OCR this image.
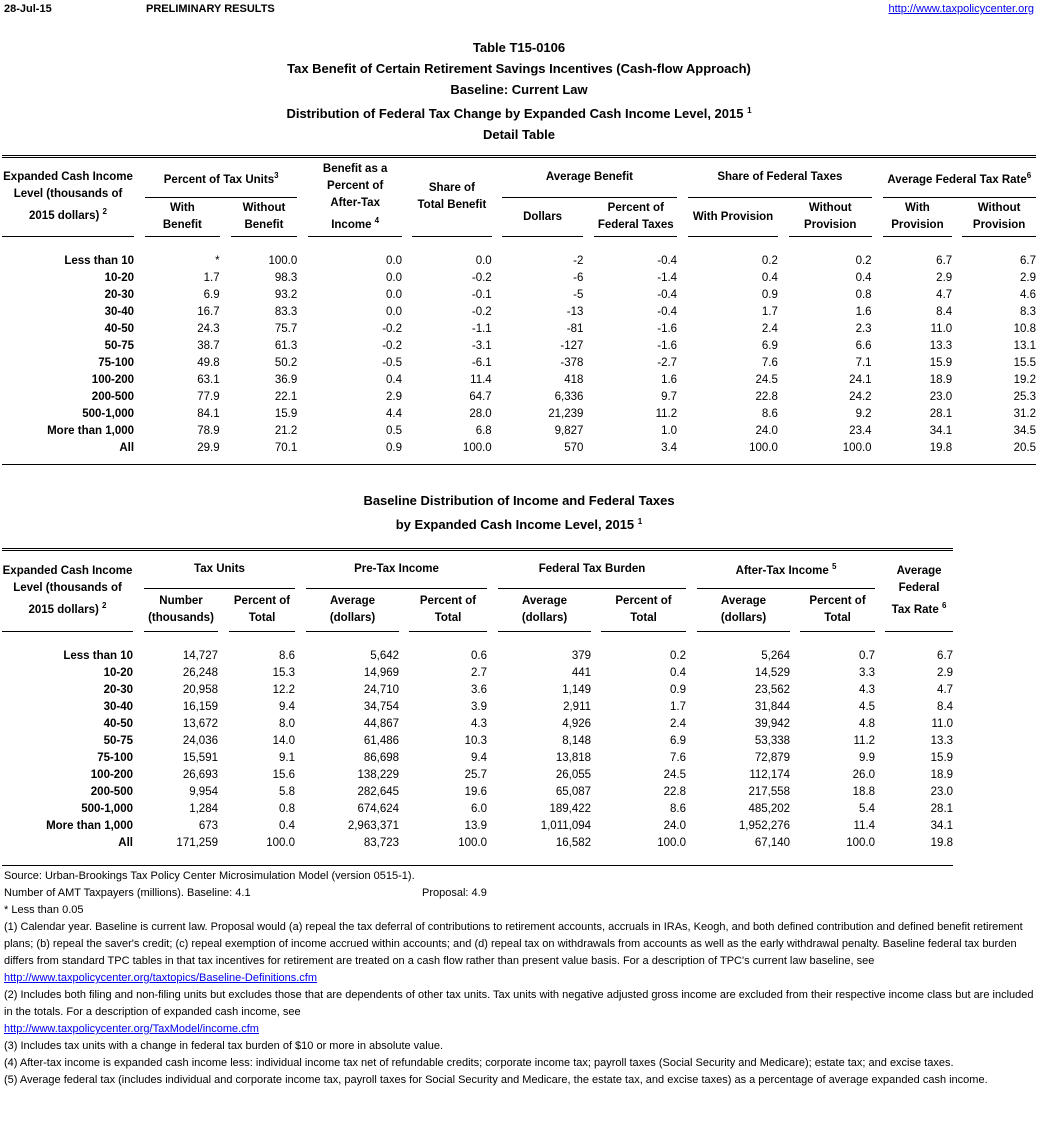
28-Jul-15	PRELIMINARY RESULTS	http://www.taxpolicycenter.org
Table T15-0106
Tax Benefit of Certain Retirement Savings Incentives (Cash-flow Approach)
Baseline: Current Law
Distribution of Federal Tax Change by Expanded Cash Income Level, 2015 $^1$
Detail Table
Expanded Cash Income Level (thousands of 2015 dollars) $^2$		Percent of Tax Units$^3$				Benefit as a Percent of After-Tax Income $^4$		Share of Total Benefit		Average Benefit				Share of Federal Taxes				Average Federal Tax Rate$^6$
		With Benefit		Without Benefit						Dollars		Percent of Federal Taxes		With Provision		Without Provision		With Provision		Without Provision

Less than 10		*		100.0		0.0		0.0		-2		-0.4		0.2		0.2		6.7		6.7
10-20		1.7		98.3		0.0		-0.2		-6		-1.4		0.4		0.4		2.9		2.9
20-30		6.9		93.2		0.0		-0.1		-5		-0.4		0.9		0.8		4.7		4.6
30-40		16.7		83.3		0.0		-0.2		-13		-0.4		1.7		1.6		8.4		8.3
40-50		24.3		75.7		-0.2		-1.1		-81		-1.6		2.4		2.3		11.0		10.8
50-75		38.7		61.3		-0.2		-3.1		-127		-1.6		6.9		6.6		13.3		13.1
75-100		49.8		50.2		-0.5		-6.1		-378		-2.7		7.6		7.1		15.9		15.5
100-200		63.1		36.9		0.4		11.4		418		1.6		24.5		24.1		18.9		19.2
200-500		77.9		22.1		2.9		64.7		6,336		9.7		22.8		24.2		23.0		25.3
500-1,000		84.1		15.9		4.4		28.0		21,239		11.2		8.6		9.2		28.1		31.2
More than 1,000		78.9		21.2		0.5		6.8		9,827		1.0		24.0		23.4		34.1		34.5
All		29.9		70.1		0.9		100.0		570		3.4		100.0		100.0		19.8		20.5
Baseline Distribution of Income and Federal Taxes
by Expanded Cash Income Level, 2015 $^1$
Expanded Cash Income Level (thousands of 2015 dollars) $^2$		Tax Units				Pre-Tax Income				Federal Tax Burden				After-Tax Income $^5$				Average Federal Tax Rate $^6$
		Number (thousands)		Percent of Total		Average (dollars)		Percent of Total		Average (dollars)		Percent of Total		Average (dollars)		Percent of Total		

Less than 10		14,727		8.6		5,642		0.6		379		0.2		5,264		0.7		6.7
10-20		26,248		15.3		14,969		2.7		441		0.4		14,529		3.3		2.9
20-30		20,958		12.2		24,710		3.6		1,149		0.9		23,562		4.3		4.7
30-40		16,159		9.4		34,754		3.9		2,911		1.7		31,844		4.5		8.4
40-50		13,672		8.0		44,867		4.3		4,926		2.4		39,942		4.8		11.0
50-75		24,036		14.0		61,486		10.3		8,148		6.9		53,338		11.2		13.3
75-100		15,591		9.1		86,698		9.4		13,818		7.6		72,879		9.9		15.9
100-200		26,693		15.6		138,229		25.7		26,055		24.5		112,174		26.0		18.9
200-500		9,954		5.8		282,645		19.6		65,087		22.8		217,558		18.8		23.0
500-1,000		1,284		0.8		674,624		6.0		189,422		8.6		485,202		5.4		28.1
More than 1,000		673		0.4		2,963,371		13.9		1,011,094		24.0		1,952,276		11.4		34.1
All		171,259		100.0		83,723		100.0		16,582		100.0		67,140		100.0		19.8
Source: Urban-Brookings Tax Policy Center Microsimulation Model (version 0515-1).
Number of AMT Taxpayers (millions). Baseline: 4.1	Proposal: 4.9
* Less than 0.05
(1) Calendar year. Baseline is current law. Proposal would (a) repeal the tax deferral of contributions to retirement accounts, accruals in IRAs, Keogh, and both defined contribution and defined benefit retirement plans; (b) repeal the saver's credit; (c) repeal exemption of income accrued within accounts; and (d) repeal tax on withdrawals from accounts as well as the early withdrawal penalty. Baseline federal tax burden differs from standard TPC tables in that tax incentives for retirement are treated on a cash flow rather than present value basis. For a description of TPC's current law baseline, see
http://www.taxpolicycenter.org/taxtopics/Baseline-Definitions.cfm
(2) Includes both filing and non-filing units but excludes those that are dependents of other tax units. Tax units with negative adjusted gross income are excluded from their respective income class but are included in the totals. For a description of expanded cash income, see
http://www.taxpolicycenter.org/TaxModel/income.cfm
(3) Includes tax units with a change in federal tax burden of $10 or more in absolute value.
(4) After-tax income is expanded cash income less: individual income tax net of refundable credits; corporate income tax; payroll taxes (Social Security and Medicare); estate tax; and excise taxes.
(5) Average federal tax (includes individual and corporate income tax, payroll taxes for Social Security and Medicare, the estate tax, and excise taxes) as a percentage of average expanded cash income.
